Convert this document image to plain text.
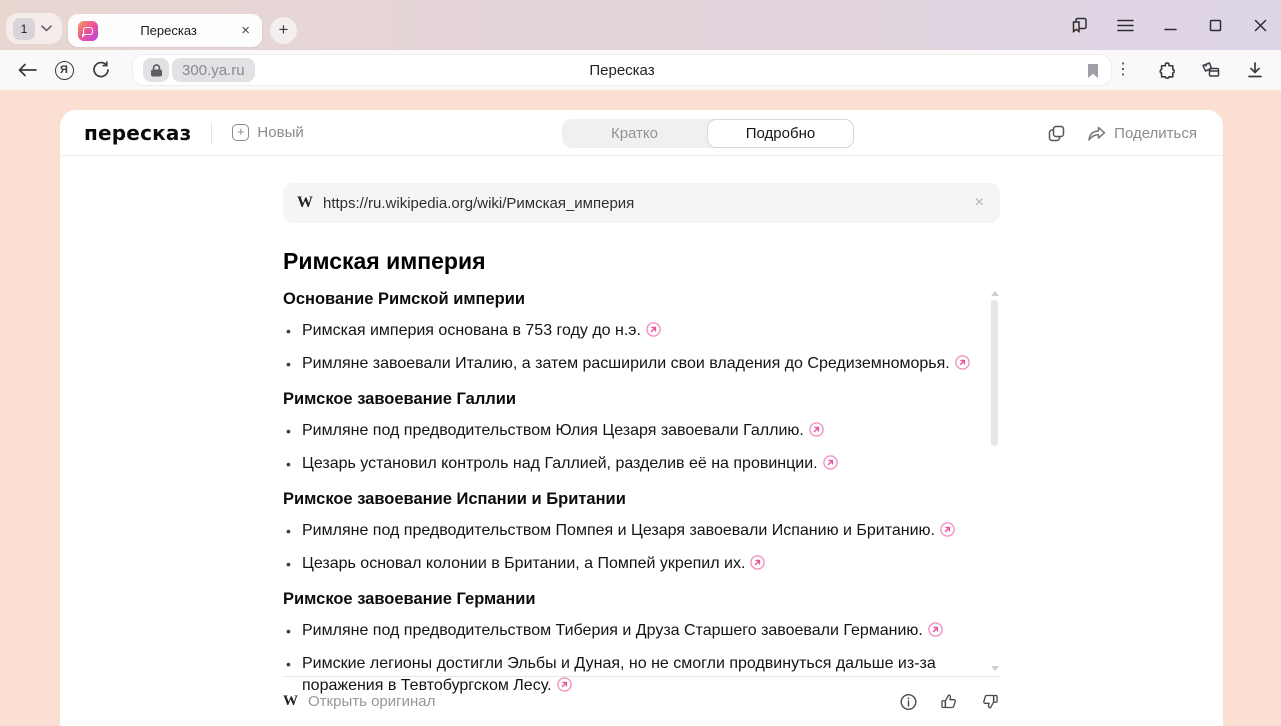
1	Пересказ	×	+
Я	300.ya.ru	Пересказ	⋮
пересказ	+ Новый	Кратко	Подробно	Поделиться
W https://ru.wikipedia.org/wiki/Римская_империя	×
Римская империя
Основание Римской империи
• Римская империя основана в 753 году до н.э.
• Римляне завоевали Италию, а затем расширили свои владения до Средиземноморья.
Римское завоевание Галлии
• Римляне под предводительством Юлия Цезаря завоевали Галлию.
• Цезарь установил контроль над Галлией, разделив её на провинции.
Римское завоевание Испании и Британии
• Римляне под предводительством Помпея и Цезаря завоевали Испанию и Британию.
• Цезарь основал колонии в Британии, а Помпей укрепил их.
Римское завоевание Германии
• Римляне под предводительством Тиберия и Друза Старшего завоевали Германию.
• Римские легионы достигли Эльбы и Дуная, но не смогли продвинуться дальше из-за поражения в Тевтобургском Лесу.
W Открыть оригинал
